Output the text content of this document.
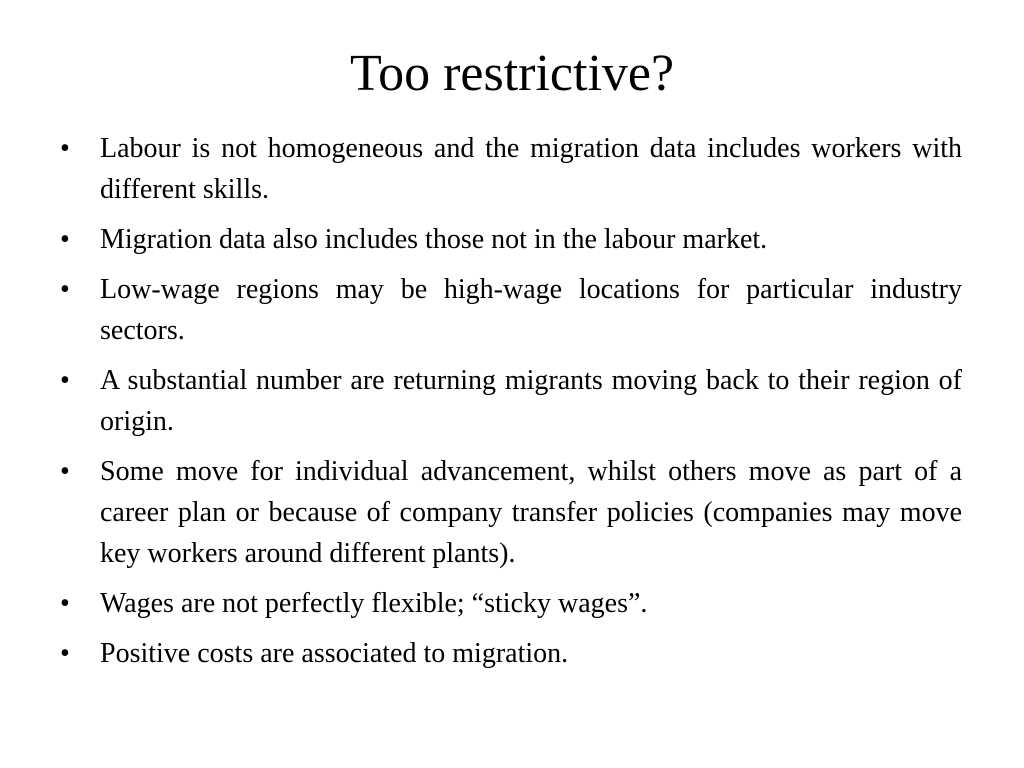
Too restrictive?
•	Labour is not homogeneous and the migration data includes workers with different skills.
•	Migration data also includes those not in the labour market.
•	Low-wage regions may be high-wage locations for particular industry sectors.
•	A substantial number are returning migrants moving back to their region of origin.
•	Some move for individual advancement, whilst others move as part of a career plan or because of company transfer policies (companies may move key workers around different plants).
•	Wages are not perfectly flexible; “sticky wages”.
•	Positive costs are associated to migration.
